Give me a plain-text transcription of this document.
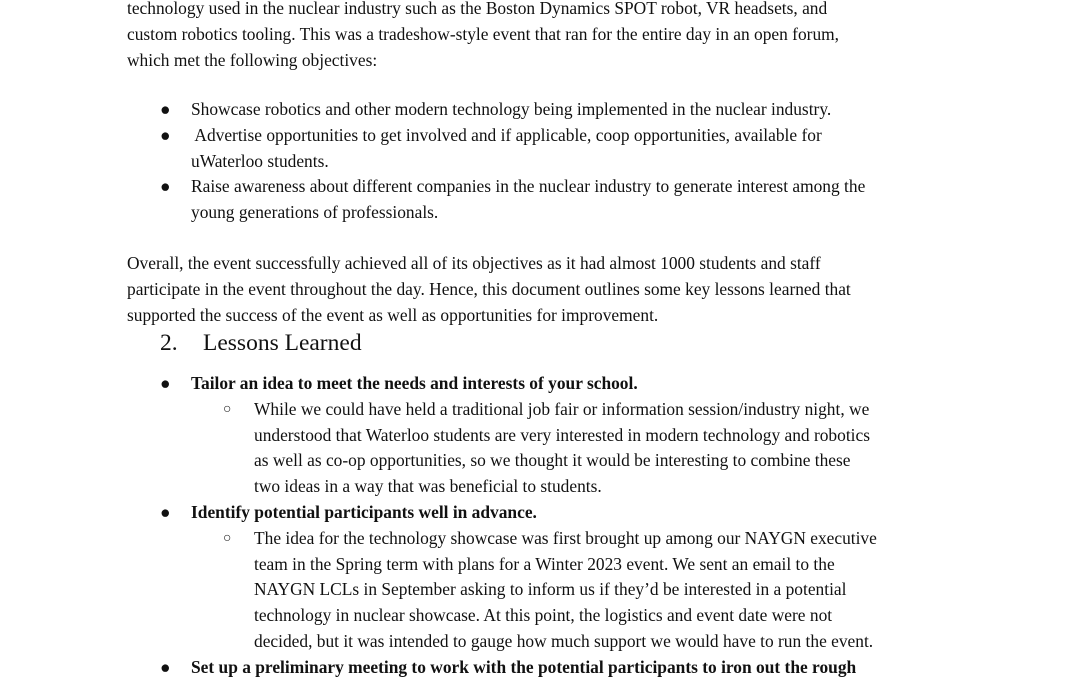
technology used in the nuclear industry such as the Boston Dynamics SPOT robot, VR headsets, and
custom robotics tooling. This was a tradeshow-style event that ran for the entire day in an open forum,
which met the following objectives:

●	Showcase robotics and other modern technology being implemented in the nuclear industry.
●	Advertise opportunities to get involved and if applicable, coop opportunities, available for
uWaterloo students.
●	Raise awareness about different companies in the nuclear industry to generate interest among the
young generations of professionals.

Overall, the event successfully achieved all of its objectives as it had almost 1000 students and staff
participate in the event throughout the day. Hence, this document outlines some key lessons learned that
supported the success of the event as well as opportunities for improvement.

2. Lessons Learned
●	Tailor an idea to meet the needs and interests of your school.
○ While we could have held a traditional job fair or information session/industry night, we
understood that Waterloo students are very interested in modern technology and robotics
as well as co-op opportunities, so we thought it would be interesting to combine these
two ideas in a way that was beneficial to students.
●	Identify potential participants well in advance.
○ The idea for the technology showcase was first brought up among our NAYGN executive
team in the Spring term with plans for a Winter 2023 event. We sent an email to the
NAYGN LCLs in September asking to inform us if they’d be interested in a potential
technology in nuclear showcase. At this point, the logistics and event date were not
decided, but it was intended to gauge how much support we would have to run the event.
●	Set up a preliminary meeting to work with the potential participants to iron out the rough
